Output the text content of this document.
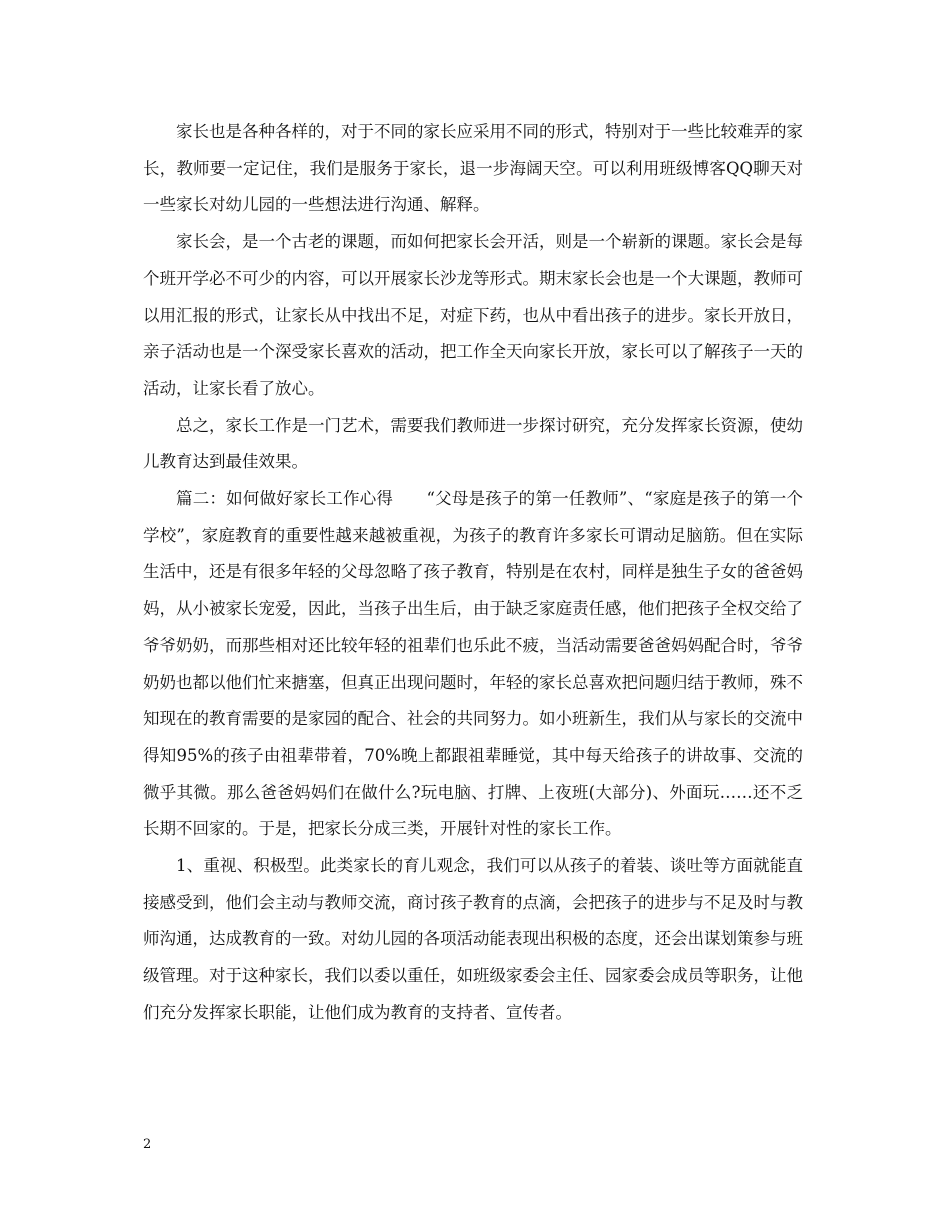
家长也是各种各样的，对于不同的家长应采用不同的形式，特别对于一些比较难弄的家长，教师要一定记住，我们是服务于家长，退一步海阔天空。可以利用班级博客QQ聊天对一些家长对幼儿园的一些想法进行沟通、解释。

家长会，是一个古老的课题，而如何把家长会开活，则是一个崭新的课题。家长会是每个班开学必不可少的内容，可以开展家长沙龙等形式。期末家长会也是一个大课题，教师可以用汇报的形式，让家长从中找出不足，对症下药，也从中看出孩子的进步。家长开放日，亲子活动也是一个深受家长喜欢的活动，把工作全天向家长开放，家长可以了解孩子一天的活动，让家长看了放心。

总之，家长工作是一门艺术，需要我们教师进一步探讨研究，充分发挥家长资源，使幼儿教育达到最佳效果。

篇二：如何做好家长工作心得　　“父母是孩子的第一任教师”、“家庭是孩子的第一个学校”，家庭教育的重要性越来越被重视，为孩子的教育许多家长可谓动足脑筋。但在实际生活中，还是有很多年轻的父母忽略了孩子教育，特别是在农村，同样是独生子女的爸爸妈妈，从小被家长宠爱，因此，当孩子出生后，由于缺乏家庭责任感，他们把孩子全权交给了爷爷奶奶，而那些相对还比较年轻的祖辈们也乐此不疲，当活动需要爸爸妈妈配合时，爷爷奶奶也都以他们忙来搪塞，但真正出现问题时，年轻的家长总喜欢把问题归结于教师，殊不知现在的教育需要的是家园的配合、社会的共同努力。如小班新生，我们从与家长的交流中得知95%的孩子由祖辈带着，70%晚上都跟祖辈睡觉，其中每天给孩子的讲故事、交流的微乎其微。那么爸爸妈妈们在做什么?玩电脑、打牌、上夜班(大部分)、外面玩……还不乏长期不回家的。于是，把家长分成三类，开展针对性的家长工作。

1、重视、积极型。此类家长的育儿观念，我们可以从孩子的着装、谈吐等方面就能直接感受到，他们会主动与教师交流，商讨孩子教育的点滴，会把孩子的进步与不足及时与教师沟通，达成教育的一致。对幼儿园的各项活动能表现出积极的态度，还会出谋划策参与班级管理。对于这种家长，我们以委以重任，如班级家委会主任、园家委会成员等职务，让他们充分发挥家长职能，让他们成为教育的支持者、宣传者。

2
